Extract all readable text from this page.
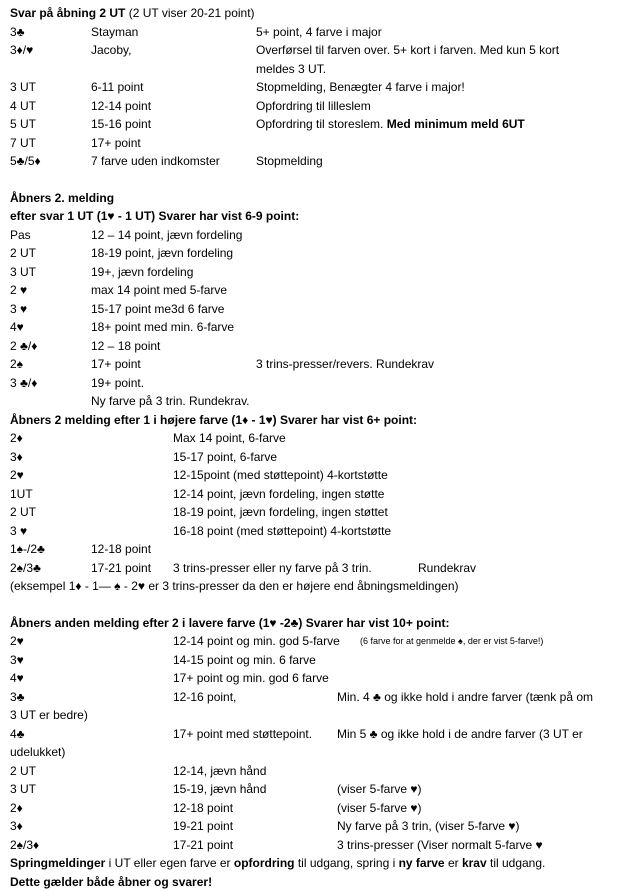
Svar på åbning 2 UT (2 UT viser 20-21 point)
3♣	Stayman	5+ point, 4 farve i major
3♦/♥	Jacoby,	Overførsel til farven over. 5+ kort i farven. Med kun 5 kort meldes 3 UT.
3 UT	6-11 point	Stopmelding, Benægter 4 farve i major!
4 UT	12-14 point	Opfordring til lilleslem
5 UT	15-16 point	Opfordring til storeslem. Med minimum meld 6UT
7 UT	17+ point
5♣/5♦	7 farve uden indkomster	Stopmelding
Åbners 2. melding
efter svar 1 UT (1♥ - 1 UT) Svarer har vist 6-9 point:
Pas	12 – 14 point, jævn fordeling
2 UT	18-19 point, jævn fordeling
3 UT	19+, jævn fordeling
2 ♥	max 14 point med 5-farve
3 ♥	15-17 point me3d 6 farve
4♥	18+ point med min. 6-farve
2 ♣/♦	12 – 18 point
2♠	17+ point	3 trins-presser/revers. Rundekrav
3 ♣/♦	19+ point.
Ny farve på 3 trin. Rundekrav.
Åbners 2 melding efter 1 i højere farve (1♦ - 1♥) Svarer har vist 6+ point:
2♦	Max 14 point, 6-farve
3♦	15-17 point, 6-farve
2♥	12-15point (med støttepoint) 4-kortstøtte
1UT	12-14 point, jævn fordeling, ingen støtte
2 UT	18-19 point, jævn fordeling, ingen støttet
3 ♥	16-18 point (med støttepoint) 4-kortstøtte
1♠-/2♣	12-18 point
2♠/3♣	17-21 point 3 trins-presser eller ny farve på 3 trin.	Rundekrav
(eksempel 1♦ - 1— ♠ - 2♥ er 3 trins-presser da den er højere end åbningsmeldingen)
Åbners anden melding efter 2 i lavere farve (1♥ -2♣) Svarer har vist 10+ point:
2♥	12-14 point og min. god 5-farve (6 farve for at genmelde ♠, der er vist 5-farve!)
3♥	14-15 point og min. 6 farve
4♥	17+ point og min. god 6 farve
3♣	12-16 point,	Min. 4 ♣ og ikke hold i andre farver (tænk på om
3 UT er bedre)
4♣	17+ point med støttepoint. Min 5 ♣ og ikke hold i de andre farver (3 UT er
udelukket)
2 UT	12-14, jævn hånd
3 UT	15-19, jævn hånd	(viser 5-farve ♥)
2♦	12-18 point	(viser 5-farve ♥)
3♦	19-21 point	Ny farve på 3 trin, (viser 5-farve ♥)
2♠/3♦	17-21 point	3 trins-presser (Viser normalt 5-farve ♥
Springmeldinger i UT eller egen farve er opfordring til udgang, spring i ny farve er krav til udgang.
Dette gælder både åbner og svarer!
